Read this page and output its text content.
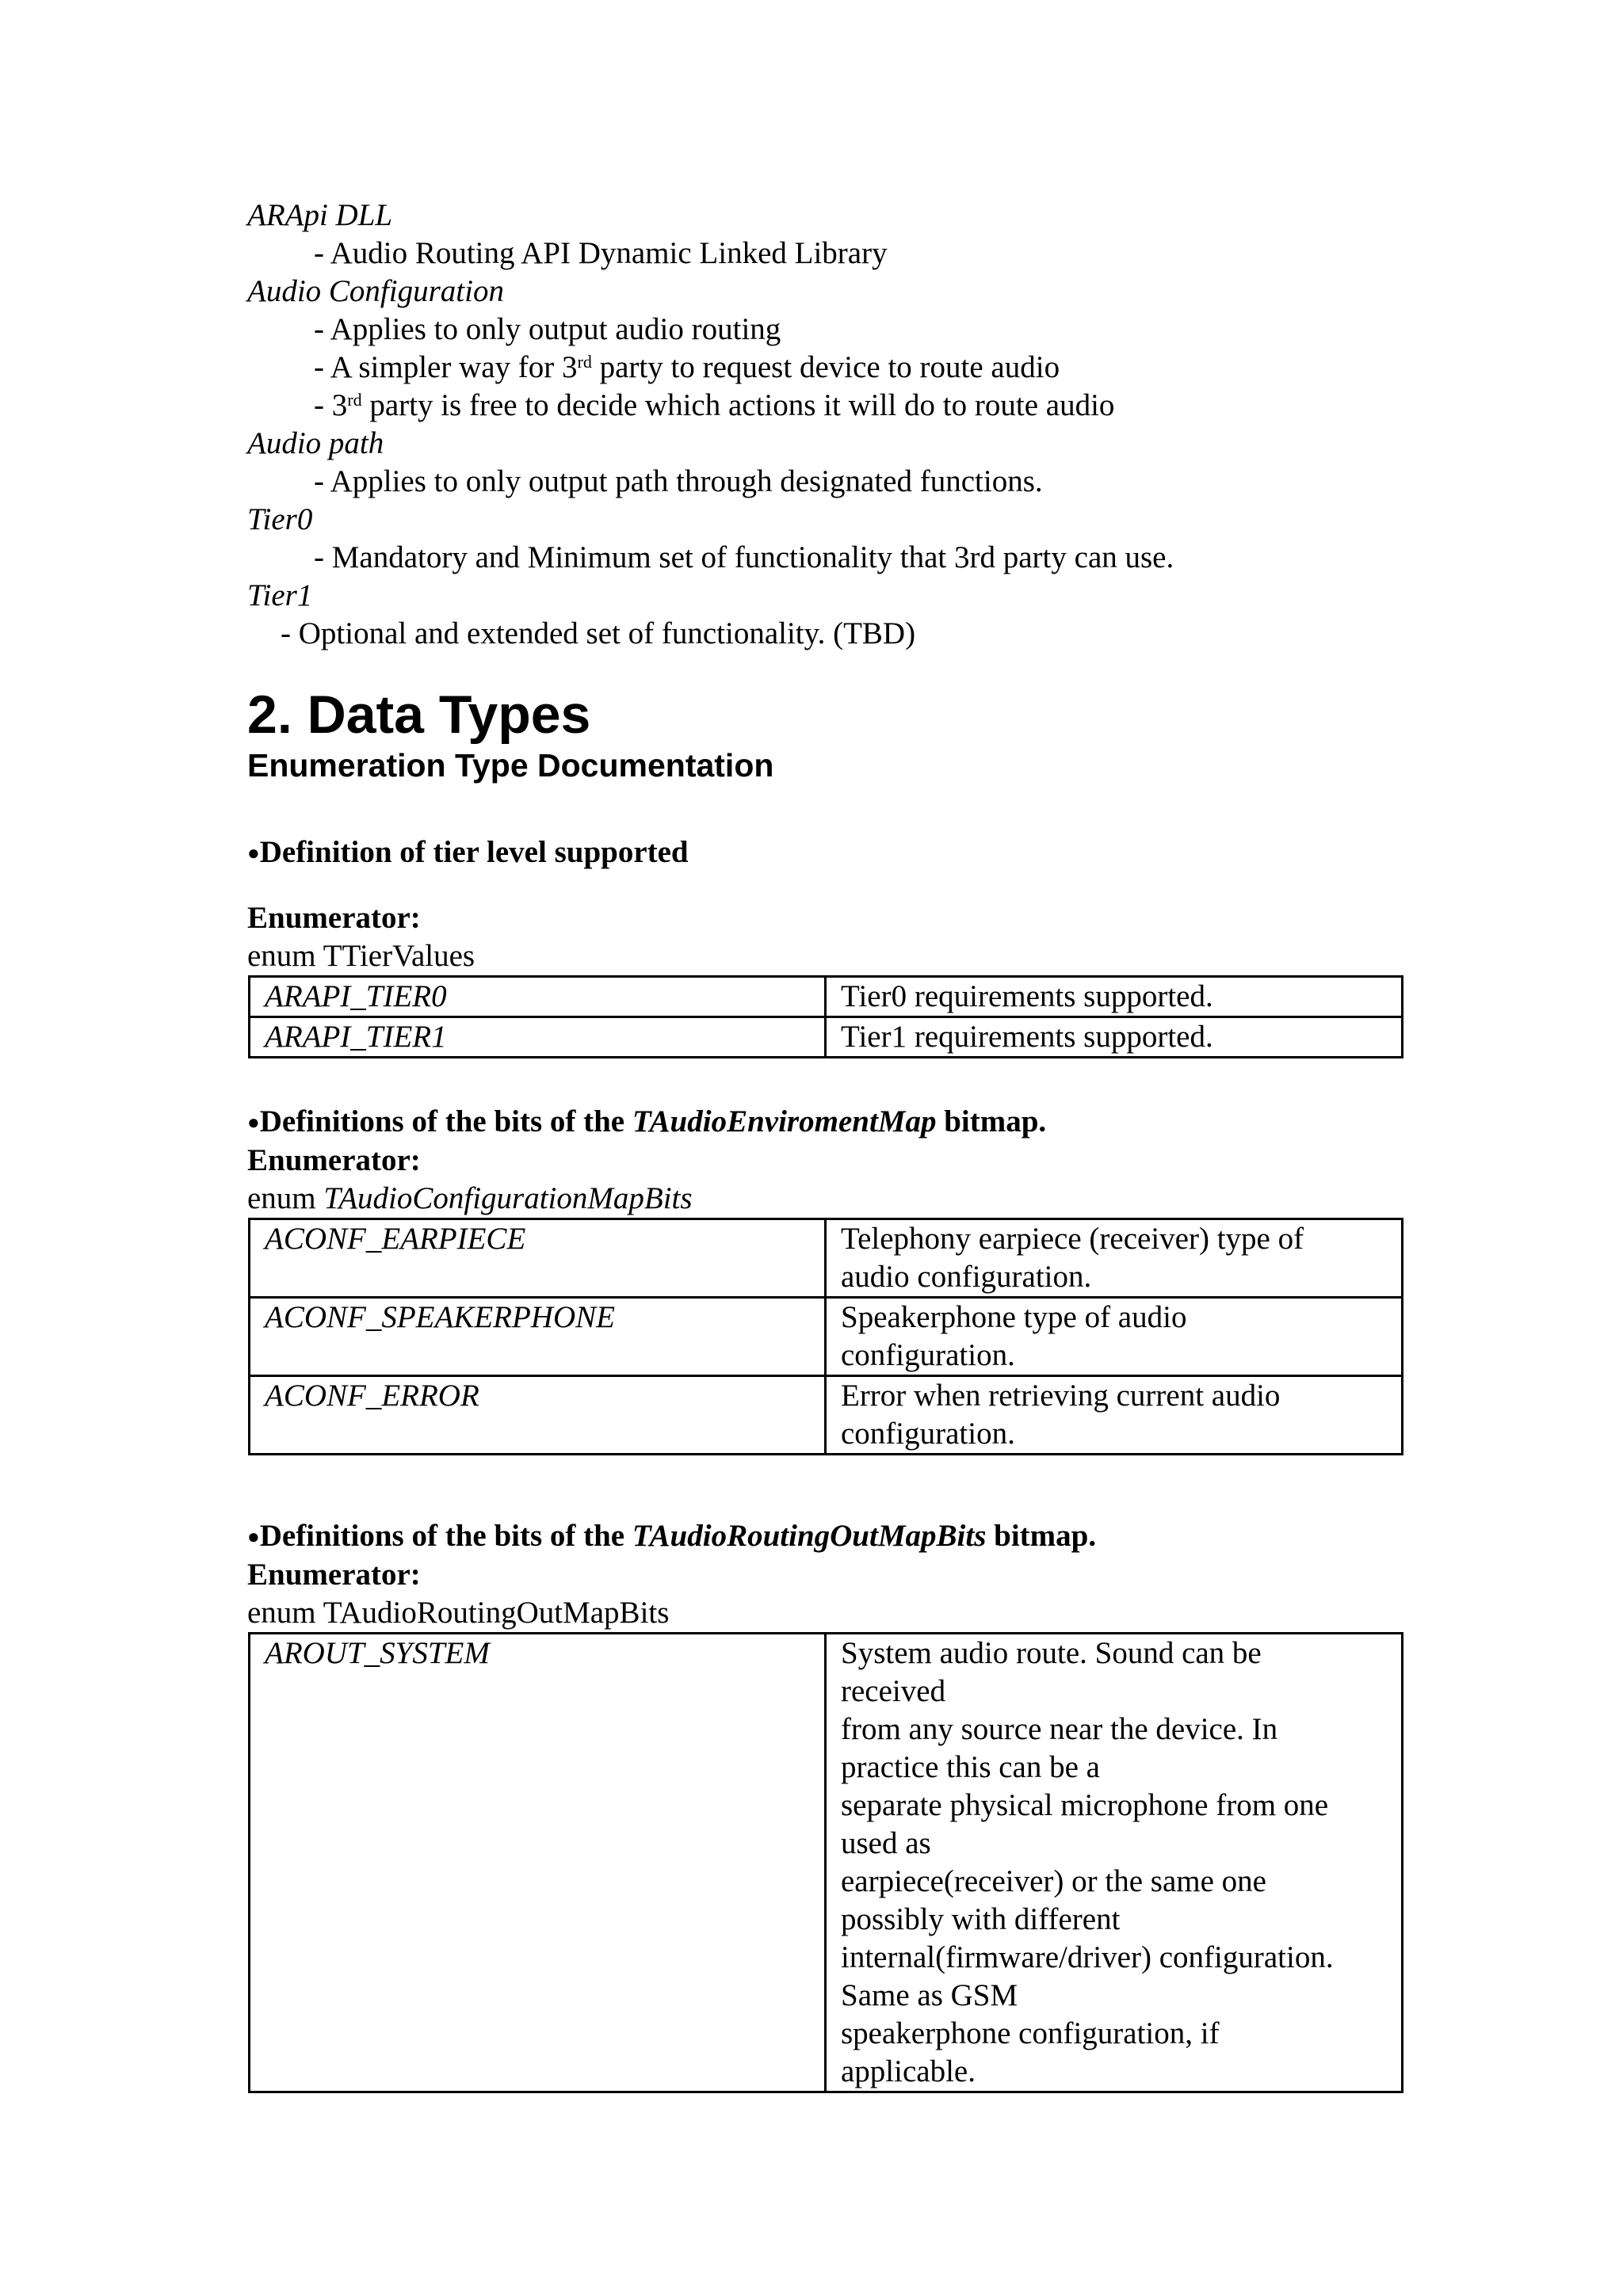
ARApi DLL
- Audio Routing API Dynamic Linked Library
Audio Configuration
- Applies to only output audio routing
- A simpler way for 3rd party to request device to route audio
- 3rd party is free to decide which actions it will do to route audio
Audio path
- Applies to only output path through designated functions.
Tier0
- Mandatory and Minimum set of functionality that 3rd party can use.
Tier1
- Optional and extended set of functionality. (TBD)
2. Data Types
Enumeration Type Documentation
●Definition of tier level supported
Enumerator:
enum TTierValues
ARAPI_TIER0	Tier0 requirements supported.
ARAPI_TIER1	Tier1 requirements supported.
●Definitions of the bits of the TAudioEnviromentMap bitmap.
Enumerator:
enum TAudioConfigurationMapBits
ACONF_EARPIECE	Telephony earpiece (receiver) type of
audio configuration.

ACONF_SPEAKERPHONE	Speakerphone type of audio
configuration.

ACONF_ERROR	Error when retrieving current audio
configuration.
●Definitions of the bits of the TAudioRoutingOutMapBits bitmap.
Enumerator:
enum TAudioRoutingOutMapBits
AROUT_SYSTEM	System audio route. Sound can be
received
from any source near the device. In
practice this can be a
separate physical microphone from one
used as
earpiece(receiver) or the same one
possibly with different
internal(firmware/driver) configuration.
Same as GSM
speakerphone configuration, if
applicable.
